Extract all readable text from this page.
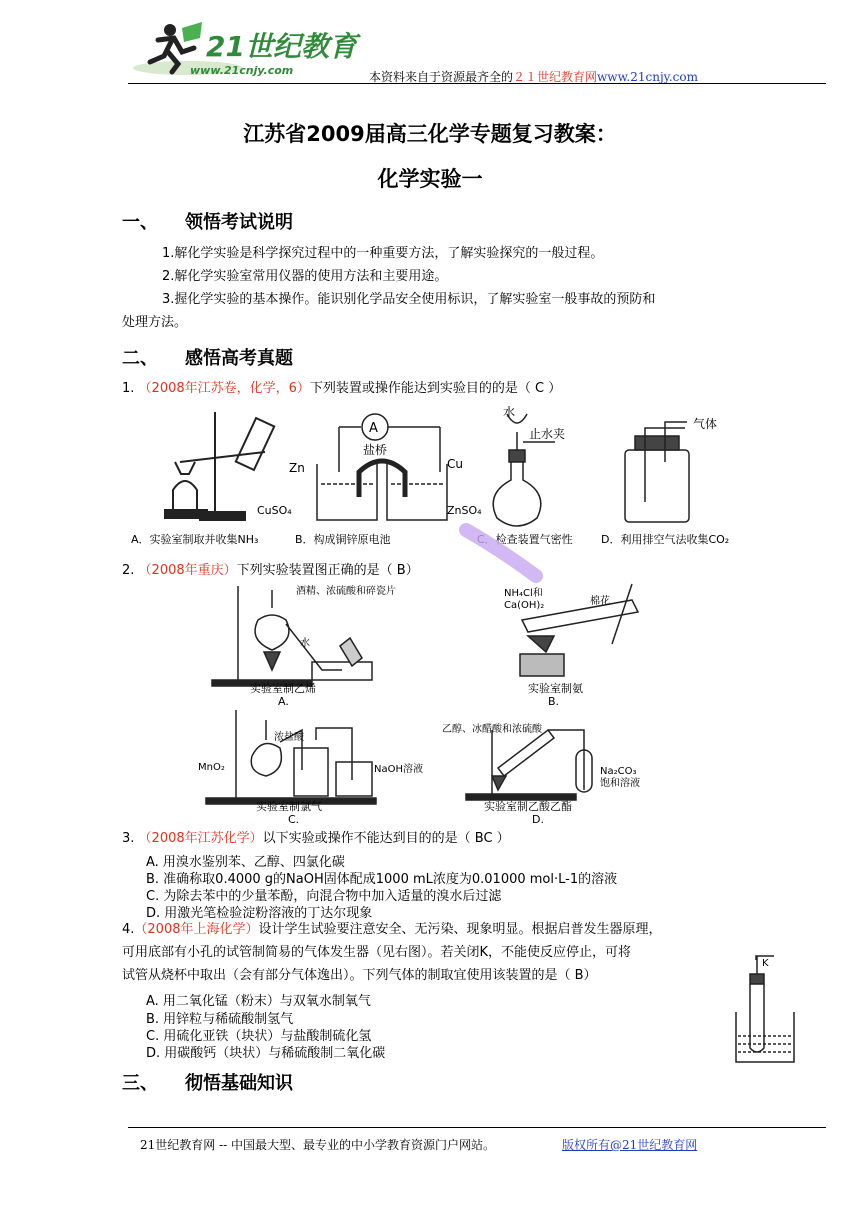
21世纪教育
www.21cnjy.com	本资料来自于资源最齐全的２１世纪教育网www.21cnjy.com
江苏省2009届高三化学专题复习教案：
化学实验一
一、 领悟考试说明
1.解化学实验是科学探究过程中的一种重要方法，了解实验探究的一般过程。
2.解化学实验室常用仪器的使用方法和主要用途。
3.握化学实验的基本操作。能识别化学品安全使用标识，了解实验室一般事故的预防和
处理方法。
二、 感悟高考真题
1. （2008年江苏卷，化学，6）下列装置或操作能达到实验目的的是（ C ）
A
盐桥
Zn	Cu
CuSO₄	ZnSO₄
水
止水夹
气体
A．实验室制取并收集NH₃	B．构成铜锌原电池	C．检查装置气密性	D．利用排空气法收集CO₂
2. （2008年重庆）下列实验装置图正确的是（ B）
酒精、浓硫酸和碎瓷片
水
实验室制乙烯
A.
NH₄Cl和
Ca(OH)₂	棉花
实验室制氨
B.
MnO₂
浓盐酸
NaOH溶液
实验室制氯气
C.
乙醇、冰醋酸和浓硫酸
Na₂CO₃
饱和溶液
实验室制乙酸乙酯
D.
3. （2008年江苏化学）以下实验或操作不能达到目的的是（ BC ）
A. 用溴水鉴别苯、乙醇、四氯化碳
B. 准确称取0.4000 g的NaOH固体配成1000 mL浓度为0.01000 mol·L-1的溶液
C. 为除去苯中的少量苯酚，向混合物中加入适量的溴水后过滤
D. 用激光笔检验淀粉溶液的丁达尔现象
4.（2008年上海化学）设计学生试验要注意安全、无污染、现象明显。根据启普发生器原理，
可用底部有小孔的试管制简易的气体发生器（见右图）。若关闭K，不能使反应停止，可将
试管从烧杯中取出（会有部分气体逸出）。下列气体的制取宜使用该装置的是（ B）
A. 用二氧化锰（粉末）与双氧水制氧气
B. 用锌粒与稀硫酸制氢气
C. 用硫化亚铁（块状）与盐酸制硫化氢
D. 用碳酸钙（块状）与稀硫酸制二氧化碳
K
三、 彻悟基础知识
21世纪教育网 -- 中国最大型、最专业的中小学教育资源门户网站。	版权所有@21世纪教育网
